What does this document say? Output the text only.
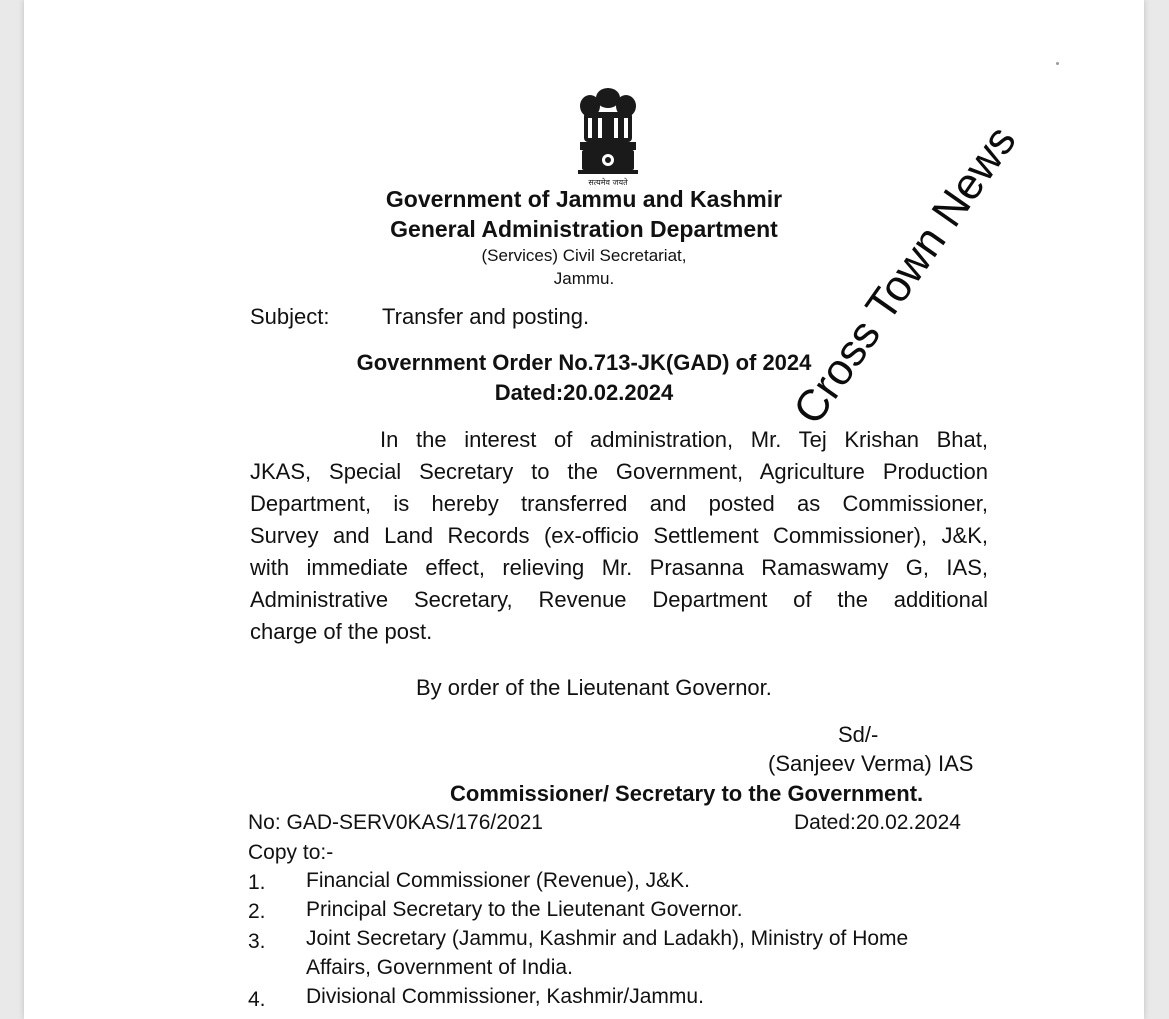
सत्यमेव जयते
Government of Jammu and Kashmir
General Administration Department
(Services) Civil Secretariat,
Jammu.
Subject: Transfer and posting.
Government Order No.713-JK(GAD) of 2024
Dated:20.02.2024
In the interest of administration, Mr. Tej Krishan Bhat,
JKAS, Special Secretary to the Government, Agriculture Production
Department, is hereby transferred and posted as Commissioner,
Survey and Land Records (ex-officio Settlement Commissioner), J&K,
with immediate effect, relieving Mr. Prasanna Ramaswamy G, IAS,
Administrative Secretary, Revenue Department of the additional
charge of the post.
By order of the Lieutenant Governor.
Sd/-
(Sanjeev Verma) IAS
Commissioner/ Secretary to the Government.
No: GAD-SERV0KAS/176/2021	Dated:20.02.2024
Copy to:-
1. Financial Commissioner (Revenue), J&K.
2. Principal Secretary to the Lieutenant Governor.
3. Joint Secretary (Jammu, Kashmir and Ladakh), Ministry of Home
Affairs, Government of India.
4. Divisional Commissioner, Kashmir/Jammu.
Cross Town News
